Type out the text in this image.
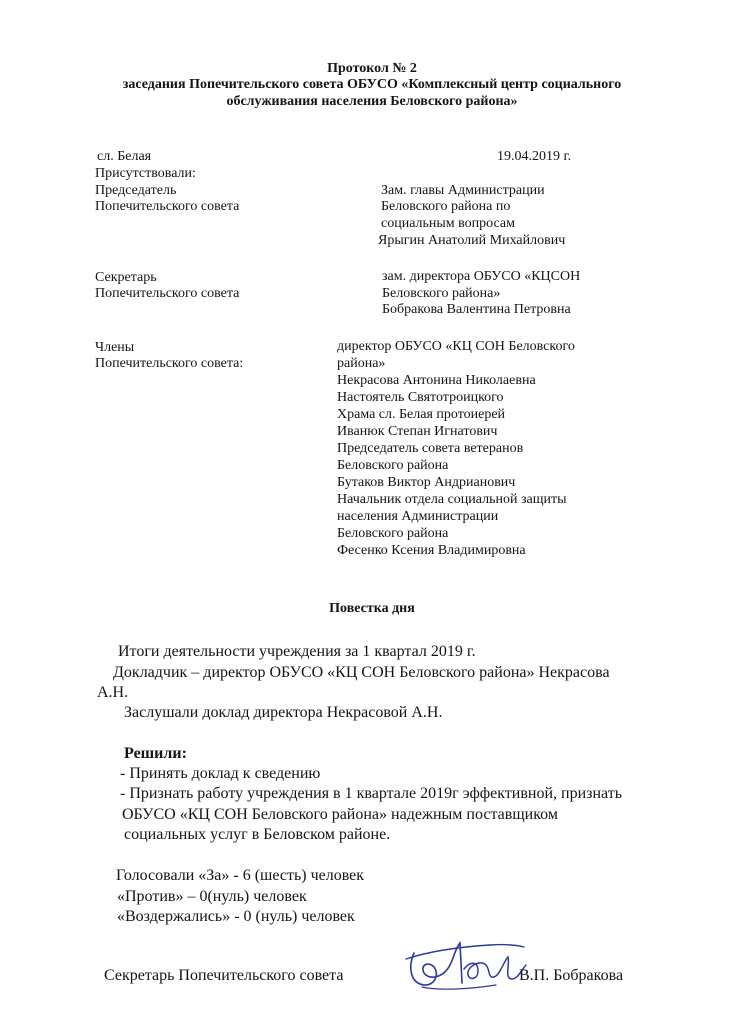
Протокол № 2
заседания Попечительского совета ОБУСО «Комплексный центр социального
обслуживания населения Беловского района»
сл. Белая	19.04.2019 г.
Присутствовали:
Председатель
Попечительского совета
Зам. главы Администрации
Беловского района по
социальным вопросам
Ярыгин Анатолий Михайлович
Секретарь
Попечительского совета
зам. директора ОБУСО «КЦСОН
Беловского района»
Бобракова Валентина Петровна
Члены
Попечительского совета:
директор ОБУСО «КЦ СОН Беловского
района»
Некрасова Антонина Николаевна
Настоятель Святотроицкого
Храма сл. Белая протоиерей
Иванюк Степан Игнатович
Председатель совета ветеранов
Беловского района
Бутаков Виктор Андрианович
Начальник отдела социальной защиты
населения Администрации
Беловского района
Фесенко Ксения Владимировна
Повестка дня
Итоги деятельности учреждения за 1 квартал 2019 г.
Докладчик – директор ОБУСО «КЦ СОН Беловского района» Некрасова
А.Н.
Заслушали доклад директора Некрасовой А.Н.
Решили:
- Принять доклад к сведению
- Признать работу учреждения в 1 квартале 2019г эффективной, признать
ОБУСО «КЦ СОН Беловского района» надежным поставщиком
социальных услуг в Беловском районе.
Голосовали «За» - 6 (шесть) человек
«Против» – 0(нуль) человек
«Воздержались» - 0 (нуль) человек
Секретарь Попечительского совета	В.П. Бобракова
